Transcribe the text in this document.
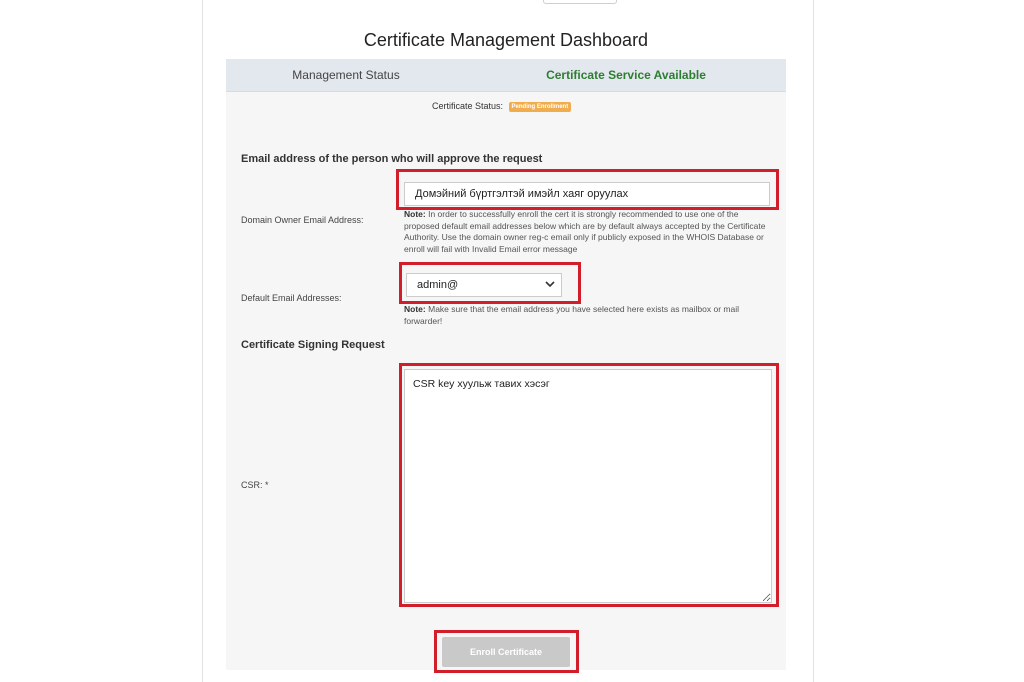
Certificate Management Dashboard
Management Status	Certificate Service Available
Certificate Status: Pending Enrollment
Email address of the person who will approve the request
Domain Owner Email Address:
Домэйний бүртгэлтэй имэйл хаяг оруулах
Note: In order to successfully enroll the cert it is strongly recommended to use one of the proposed default email addresses below which are by default always accepted by the Certificate Authority. Use the domain owner reg-c email only if publicly exposed in the WHOIS Database or enroll will fail with Invalid Email error message
Default Email Addresses:
admin@
Note: Make sure that the email address you have selected here exists as mailbox or mail forwarder!
Certificate Signing Request
CSR: *
CSR key хуульж тавих хэсэг
Enroll Certificate
